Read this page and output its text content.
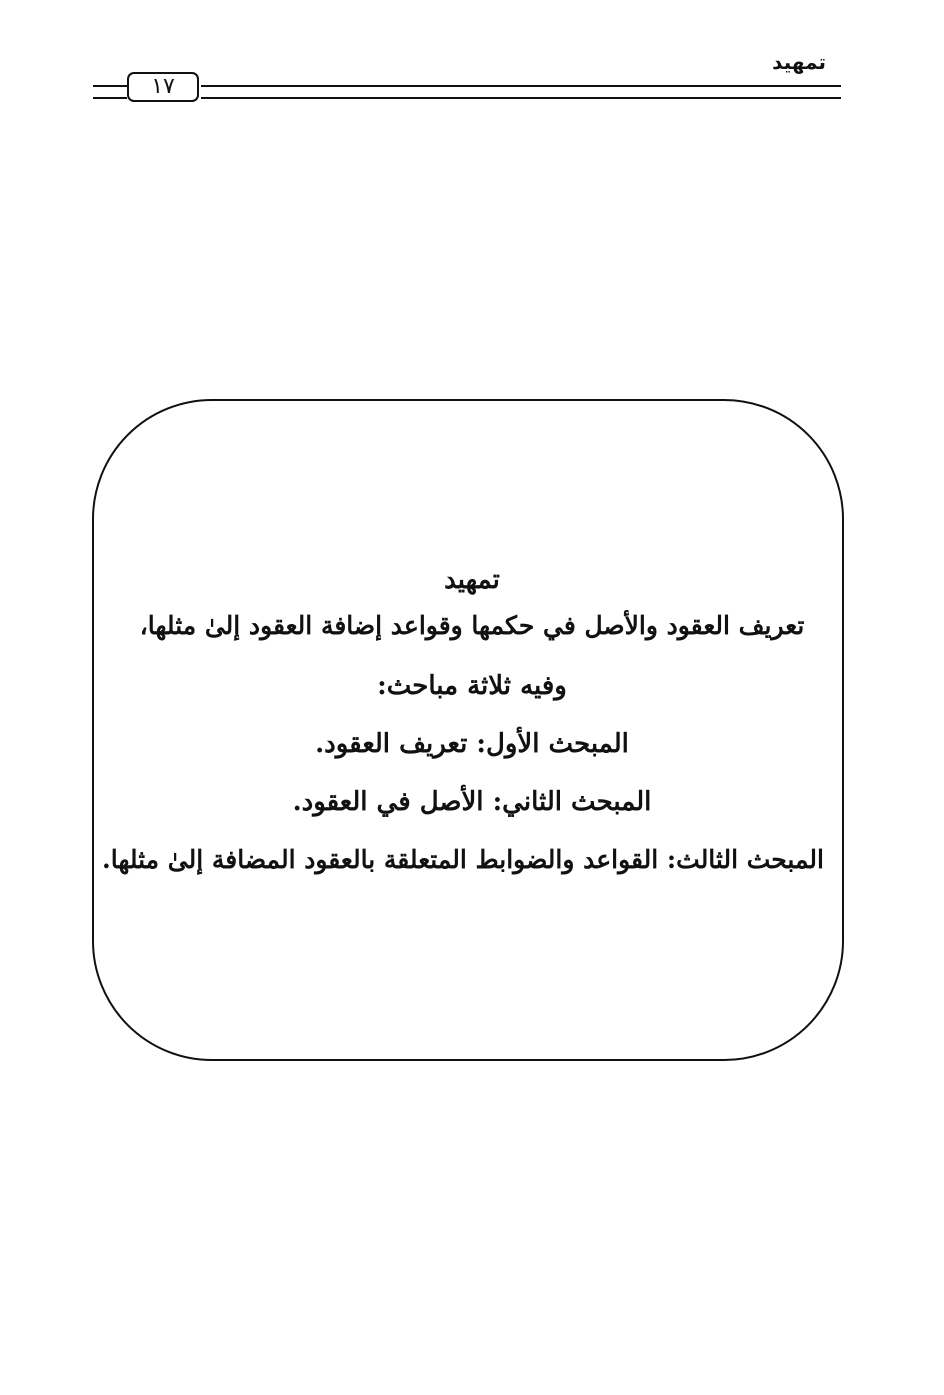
تمهيد
١٧
تمهيد
تعريف العقود والأصل في حكمها وقواعد إضافة العقود إلىٰ مثلها،
وفيه ثلاثة مباحث:
المبحث الأول: تعريف العقود.
المبحث الثاني: الأصل في العقود.
المبحث الثالث: القواعد والضوابط المتعلقة بالعقود المضافة إلىٰ مثلها.
